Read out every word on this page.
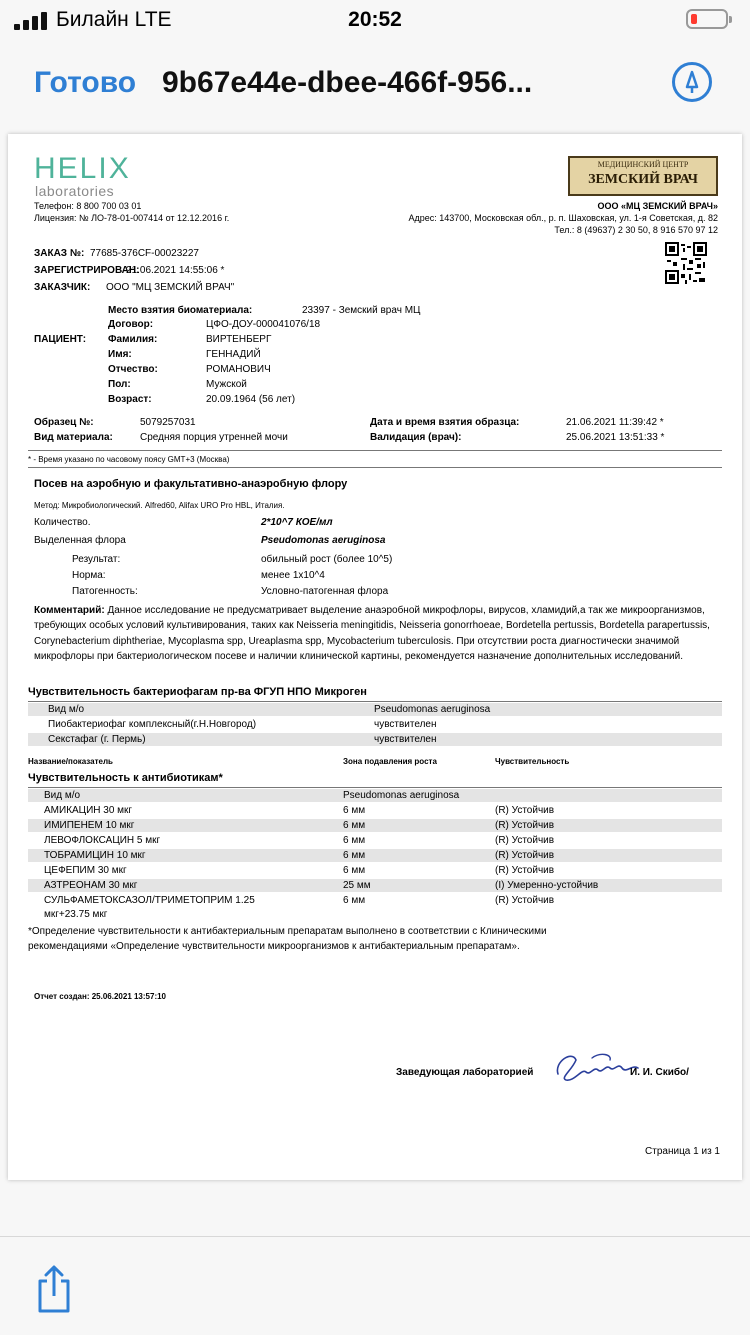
Билайн LTE	20:52
Готово 9b67e44e-dbee-466f-956...
HELIX
laboratories
Телефон: 8 800 700 03 01
Лицензия: № ЛО-78-01-007414 от 12.12.2016 г.
МЕДИЦИНСКИЙ ЦЕНТР
ЗЕМСКИЙ ВРАЧ
ООО «МЦ ЗЕМСКИЙ ВРАЧ»
Адрес: 143700, Московская обл., р. п. Шаховская, ул. 1-я Советская, д. 82
Тел.: 8 (49637) 2 30 50, 8 916 570 97 12
ЗАКАЗ №: 77685-376CF-00023227
ЗАРЕГИСТРИРОВАН:
21.06.2021 14:55:06 *
ЗАКАЗЧИК: ООО "МЦ ЗЕМСКИЙ ВРАЧ"
ПАЦИЕНТ:
Место взятия биоматериала:	23397 - Земский врач МЦ
Договор:	ЦФО-ДОУ-000041076/18
Фамилия:	ВИРТЕНБЕРГ
Имя:	ГЕННАДИЙ
Отчество:	РОМАНОВИЧ
Пол:	Мужской
Возраст:	20.09.1964 (56 лет)
Образец №:	5079257031
Вид материала:	Средняя порция утренней мочи
Дата и время взятия образца:	21.06.2021 11:39:42 *
Валидация (врач):	25.06.2021 13:51:33 *
* - Время указано по часовому поясу GMT+3 (Москва)
Посев на аэробную и факультативно-анаэробную флору
Метод: Микробиологический. Alfred60, Alifax URO Pro HBL, Италия.
Количество.	2*10^7 КОЕ/мл
Выделенная флора	Pseudomonas aeruginosa
Результат:	обильный рост (более 10^5)
Норма:	менее 1х10^4
Патогенность:	Условно-патогенная флора
Комментарий: Данное исследование не предусматривает выделение анаэробной микрофлоры, вирусов, хламидий,а так же микроорганизмов, требующих особых условий культивирования, таких как Neisseria meningitidis, Neisseria gonorrhoeae, Bordetella pertussis, Bordetella parapertussis, Corynebacterium diphtheriae, Mycoplasma spp, Ureaplasma spp, Mycobacterium tuberculosis. При отсутствии роста диагностически значимой микрофлоры при бактериологическом посеве и наличии клинической картины, рекомендуется назначение дополнительных исследований.
Чувствительность бактериофагам пр-ва ФГУП НПО Микроген
Вид м/о	Pseudomonas aeruginosa
Пиобактериофаг комплексный(г.Н.Новгород)	чувствителен
Секстафаг (г. Пермь)	чувствителен
Название/показатель	Зона подавления роста	Чувствительность
Чувствительность к антибиотикам*
Вид м/о	Pseudomonas aeruginosa
АМИКАЦИН 30 мкг	6 мм	(R) Устойчив
ИМИПЕНЕМ 10 мкг	6 мм	(R) Устойчив
ЛЕВОФЛОКСАЦИН 5 мкг	6 мм	(R) Устойчив
ТОБРАМИЦИН 10 мкг	6 мм	(R) Устойчив
ЦЕФЕПИМ 30 мкг	6 мм	(R) Устойчив
АЗТРЕОНАМ 30 мкг	25 мм	(I) Умеренно-устойчив
СУЛЬФАМЕТОКСАЗОЛ/ТРИМЕТОПРИМ 1.25
мкг+23.75 мкг
6 мм	(R) Устойчив
*Определение чувствительности к антибактериальным препаратам выполнено в соответствии с Клиническими рекомендациями «Определение чувствительности микроорганизмов к антибактериальным препаратам».
Отчет создан: 25.06.2021 13:57:10
Заведующая лабораторией	И. И. Скибо/
Страница 1 из 1
